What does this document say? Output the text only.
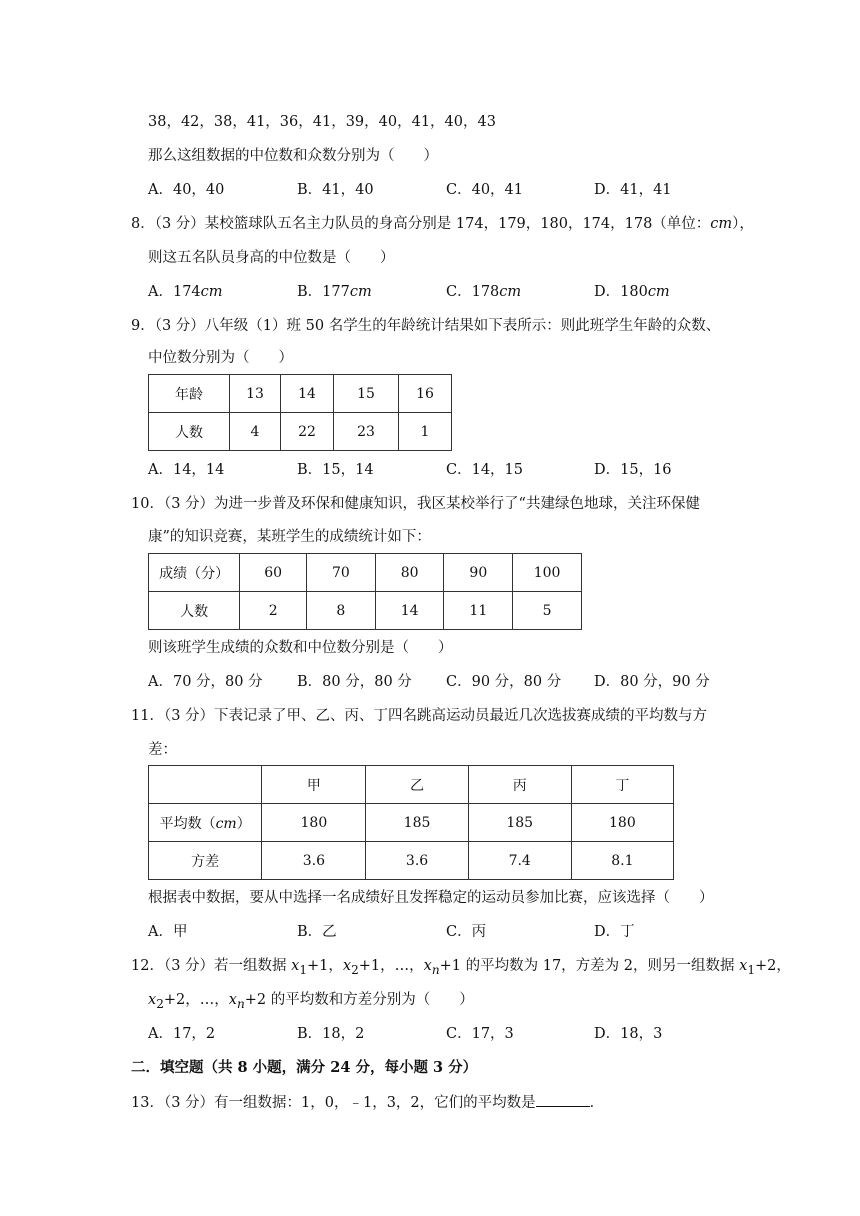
38，42，38，41，36，41，39，40，41，40，43
那么这组数据的中位数和众数分别为（　　）
A．40，40	B．41，40	C．40，41	D．41，41
8．（3 分）某校篮球队五名主力队员的身高分别是 174，179，180，174，178（单位：cm），
则这五名队员身高的中位数是（　　）
A．174cm	B．177cm	C．178cm	D．180cm
9．（3 分）八年级（1）班 50 名学生的年龄统计结果如下表所示：则此班学生年龄的众数、
中位数分别为（　　）
年龄	13	14	15	16
人数	4	22	23	1
A．14，14	B．15，14	C．14，15	D．15，16
10．（3 分）为进一步普及环保和健康知识，我区某校举行了“共建绿色地球，关注环保健
康”的知识竞赛，某班学生的成绩统计如下：
成绩（分）	60	70	80	90	100
人数	2	8	14	11	5
则该班学生成绩的众数和中位数分别是（　　）
A．70 分，80 分 B．80 分，80 分 C．90 分，80 分 D．80 分，90 分
11．（3 分）下表记录了甲、乙、丙、丁四名跳高运动员最近几次选拔赛成绩的平均数与方
差：
	甲	乙	丙	丁
平均数（cm）	180	185	185	180
方差	3.6	3.6	7.4	8.1
根据表中数据，要从中选择一名成绩好且发挥稳定的运动员参加比赛，应该选择（　　）
A．甲	B．乙	C．丙	D．丁
12．（3 分）若一组数据 $x_1+1$，$x_2+1$，…，$x_n+1$ 的平均数为 17，方差为 2，则另一组数据 $x_1+2$，
$x_2+2$，…，$x_n+2$ 的平均数和方差分别为（　　）
A．17，2	B．18，2	C．17，3	D．18，3
二．填空题（共 8 小题，满分 24 分，每小题 3 分）
13．（3 分）有一组数据：1，0，﹣1，3，2，它们的平均数是	．
